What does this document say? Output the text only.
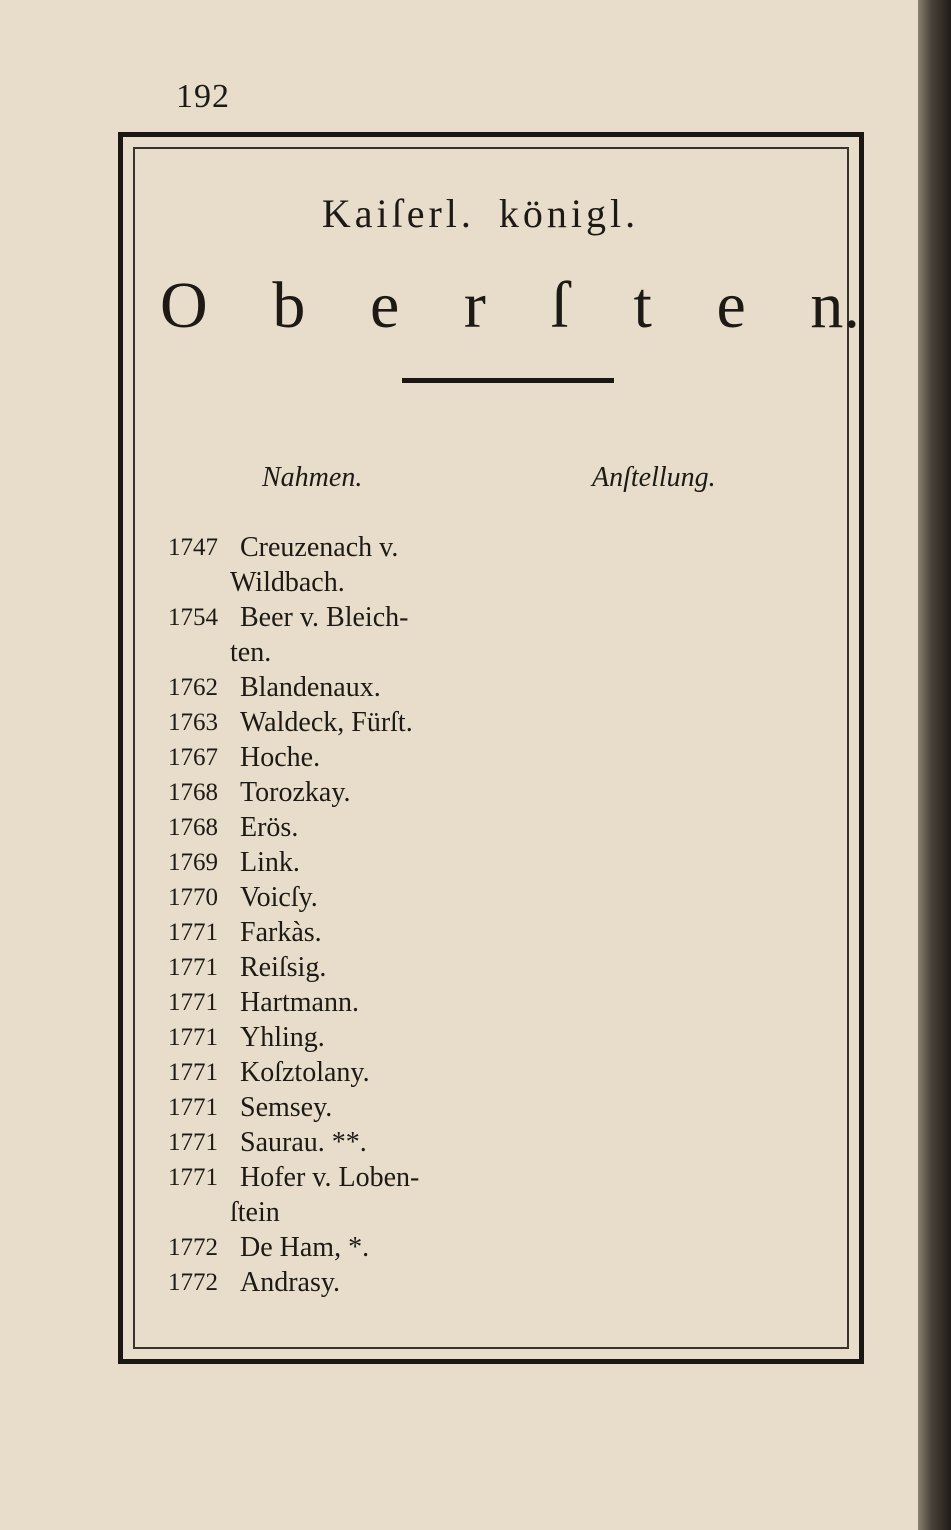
192
Kaiſerl. königl.
O b e r ſ t e n.
Nahmen.	Anſtellung.
1747 Creuzenach v.
Wildbach.
1754 Beer v. Bleich-
ten.
1762 Blandenaux.
1763 Waldeck, Fürſt.
1767 Hoche.
1768 Torozkay.
1768 Erös.
1769 Link.
1770 Voicſy.
1771 Farkàs.
1771 Reiſsig.
1771 Hartmann.
1771 Yhling.
1771 Koſztolany.
1771 Semsey.
1771 Saurau. **.
1771 Hofer v. Loben-
ſtein
1772 De Ham, *.
1772 Andrasy.
